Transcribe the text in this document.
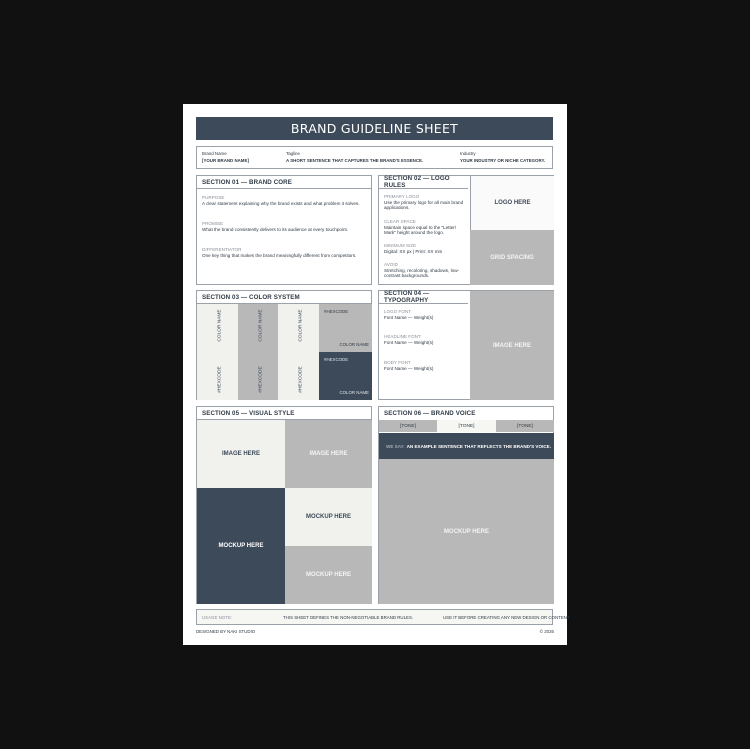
BRAND GUIDELINE SHEET
Brand Name
[YOUR BRAND NAME]
Tagline
A SHORT SENTENCE THAT CAPTURES THE BRAND'S ESSENCE.
Industry
YOUR INDUSTRY OR NICHE CATEGORY.
SECTION 01 — BRAND CORE
PURPOSE
A clear statement explaining why the brand exists and what problem it solves.
PROMISE
What the brand consistently delivers to its audience at every touchpoint.
DIFFERENTIATOR
One key thing that makes the brand meaningfully different from competitors.
SECTION 02 — LOGO RULES
PRIMARY LOGO
Use the primary logo for all main brand applications.
CLEAR SPACE
Maintain space equal to the "Letter/ Mark" height around the logo.
MINIMUM SIZE
Digital: XX px | Print: XX mm
AVOID
Stretching, recoloring, shadows, low-contrast backgrounds.
LOGO HERE
GRID SPACING
SECTION 03 — COLOR SYSTEM
COLOR NAME
#HEXCODE
COLOR NAME
#HEXCODE
COLOR NAME
#HEXCODE
#HEXCODE
COLOR NAME
#HEXCODE
COLOR NAME
SECTION 04 — TYPOGRAPHY
LOGO FONT
Font Name — Weight(s)
HEADLINE FONT
Font Name — Weight(s)
BODY FONT
Font Name — Weight(s)
IMAGE HERE
SECTION 05 — VISUAL STYLE
IMAGE HERE	IMAGE HERE
MOCKUP HERE
MOCKUP HERE
MOCKUP HERE
SECTION 06 — BRAND VOICE
[TONE]	[TONE]	[TONE]
WE SAY: AN EXAMPLE SENTENCE THAT REFLECTS THE BRAND'S VOICE.
MOCKUP HERE
USAGE NOTE:	THIS SHEET DEFINES THE NON-NEGOTIABLE BRAND RULES.	USE IT BEFORE CREATING ANY NEW DESIGN OR CONTENT.
DESIGNED BY NAKI STUDIO	© 2026
